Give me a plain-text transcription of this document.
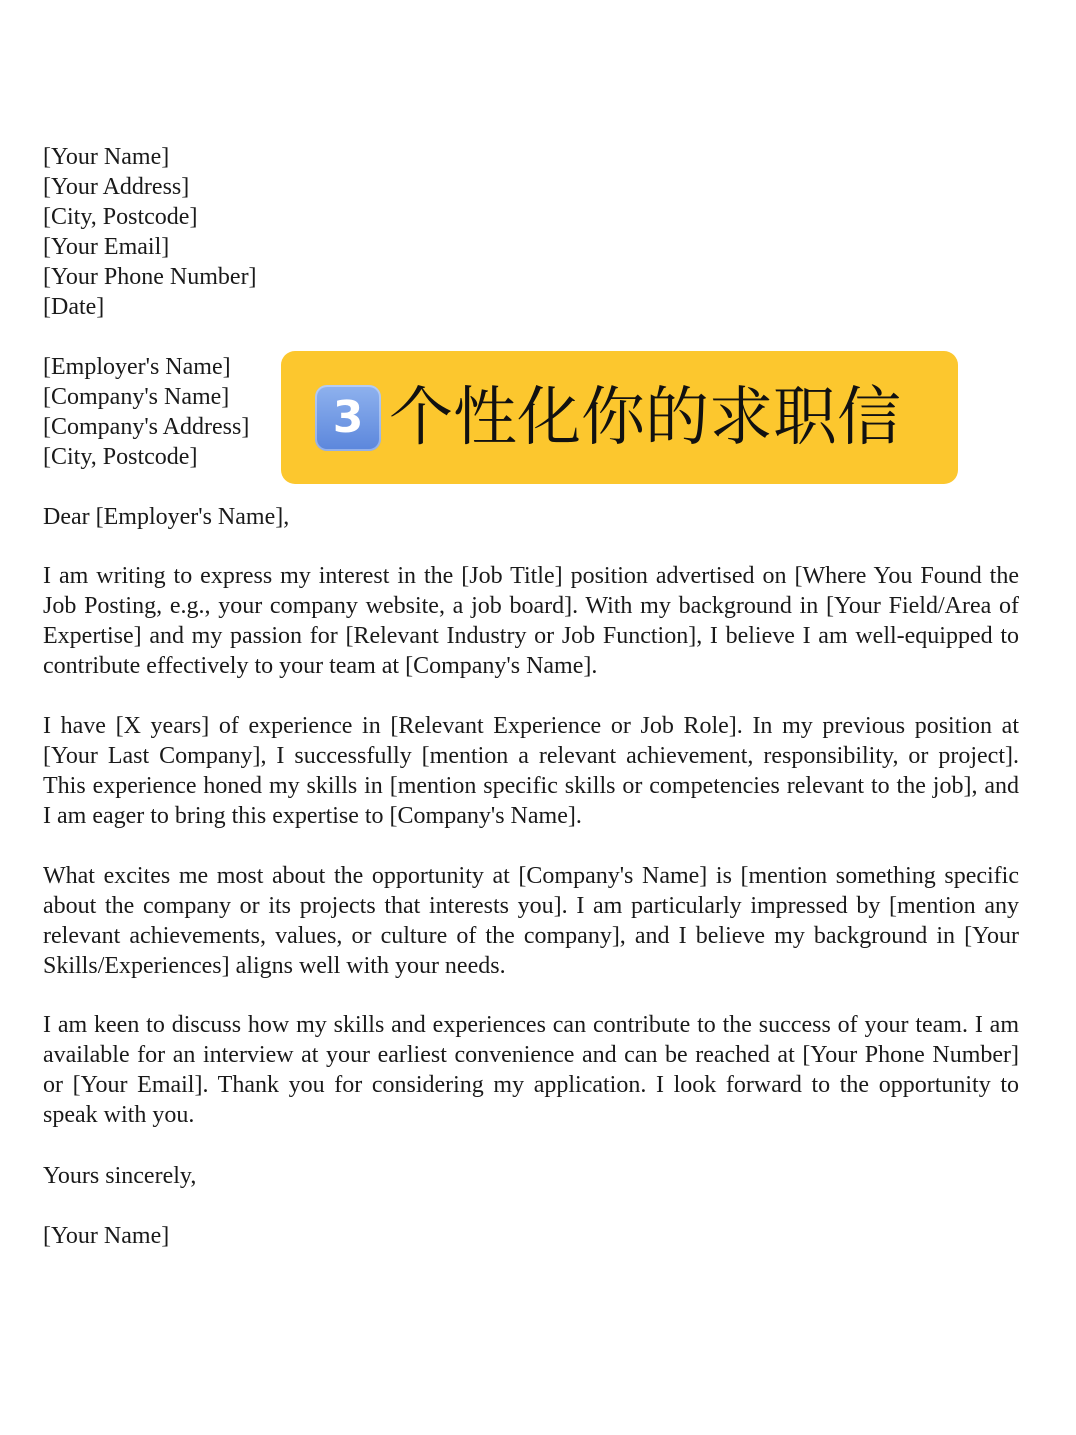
[Your Name]
[Your Address]
[City, Postcode]
[Your Email]
[Your Phone Number]
[Date]
[Employer's Name]
[Company's Name]
[Company's Address]
[City, Postcode]
3 个性化你的求职信
Dear [Employer's Name],
I am writing to express my interest in the [Job Title] position advertised on [Where You Found the Job Posting, e.g., your company website, a job board]. With my background in [Your Field/Area of Expertise] and my passion for [Relevant Industry or Job Function], I believe I am well-equipped to contribute effectively to your team at [Company's Name].
I have [X years] of experience in [Relevant Experience or Job Role]. In my previous position at [Your Last Company], I successfully [mention a relevant achievement, responsibility, or project]. This experience honed my skills in [mention specific skills or competencies relevant to the job], and I am eager to bring this expertise to [Company's Name].
What excites me most about the opportunity at [Company's Name] is [mention something specific about the company or its projects that interests you]. I am particularly impressed by [mention any relevant achievements, values, or culture of the company], and I believe my background in [Your Skills/Experiences] aligns well with your needs.
I am keen to discuss how my skills and experiences can contribute to the success of your team. I am available for an interview at your earliest convenience and can be reached at [Your Phone Number] or [Your Email]. Thank you for considering my application. I look forward to the opportunity to speak with you.
Yours sincerely,
[Your Name]
